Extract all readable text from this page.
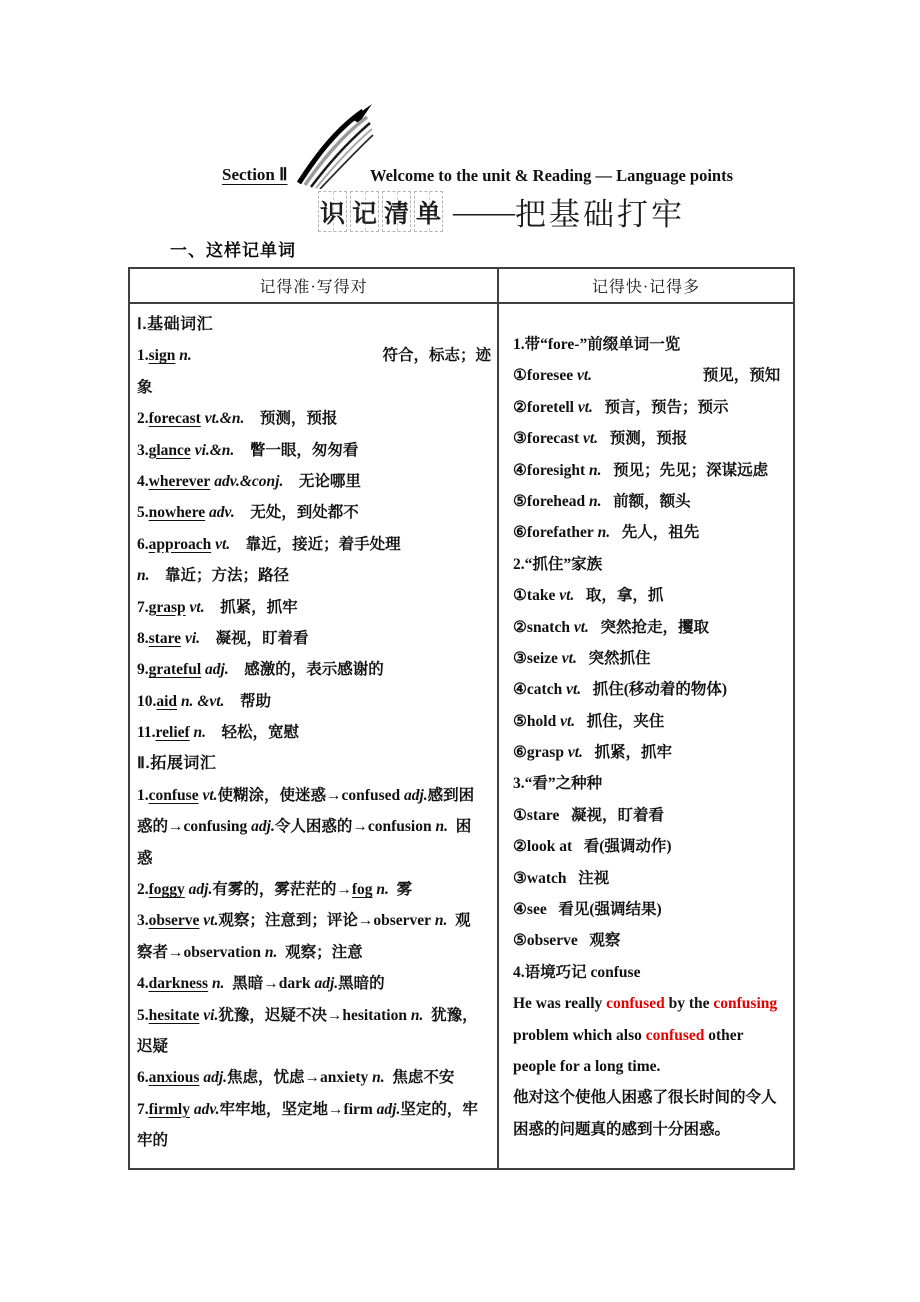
Section Ⅱ	Welcome to the unit & Reading — Language points
识 记 清 单 —— 把基础打牢
一、这样记单词
记得准·写得对	记得快·记得多
Ⅰ.基础词汇
1. sign
n.	符合，标志；迹
象
2. forecast
vt.&n. 预测，预报
3. glance
vi.&n. 瞥一眼，匆匆看
4. wherever
adv.&conj. 无论哪里
5. nowhere
adv. 无处，到处都不
6. approach
vt. 靠近，接近；着手处理
n. 靠近；方法；路径
7. grasp
vt. 抓紧，抓牢
8. stare
vi. 凝视，盯着看
9. grateful
adj. 感激的，表示感谢的
10. aid
n.
&vt. 帮助
11. relief
n. 轻松，宽慰
Ⅱ.拓展词汇
1. confuse
vt. 使糊涂，使迷惑 → confused
adj. 感到困
惑的 → confusing
adj. 令人困惑的 → confusion
n. 困
惑
2. foggy
adj. 有雾的，雾茫茫的 → fog
n. 雾
3. observe
vt. 观察；注意到；评论 → observer
n. 观
察者 → observation
n. 观察；注意
4. darkness
n. 黑暗 → dark
adj. 黑暗的
5. hesitate
vi. 犹豫，迟疑不决 → hesitation
n. 犹豫，
迟疑
6. anxious
adj. 焦虑，忧虑 → anxiety
n. 焦虑不安
7. firmly
adv. 牢牢地，坚定地 → firm
adj. 坚定的，牢
牢的
1. 带“ fore- ”前缀单词一览
① foresee
vt.	预见，预知

② foretell
vt. 预言，预告；预示
③ forecast
vt. 预测，预报
④ foresight
n. 预见；先见；深谋远虑
⑤ forehead
n. 前额，额头
⑥ forefather
n. 先人，祖先
2. “抓住”家族
① take
vt. 取，拿，抓
② snatch
vt. 突然抢走，攫取
③ seize
vt. 突然抓住
④ catch
vt. 抓住(移动着的物体)
⑤ hold
vt. 抓住，夹住
⑥ grasp
vt. 抓紧，抓牢
3. “看”之种种
① stare 凝视，盯着看
② look at 看(强调动作)
③ watch 注视
④ see 看见(强调结果)
⑤ observe 观察
4. 语境巧记 confuse
He was really confused by the confusing
problem which also confused other
people for a long time.
他对这个使他人困惑了很长时间的令人
困惑的问题真的感到十分困惑。
